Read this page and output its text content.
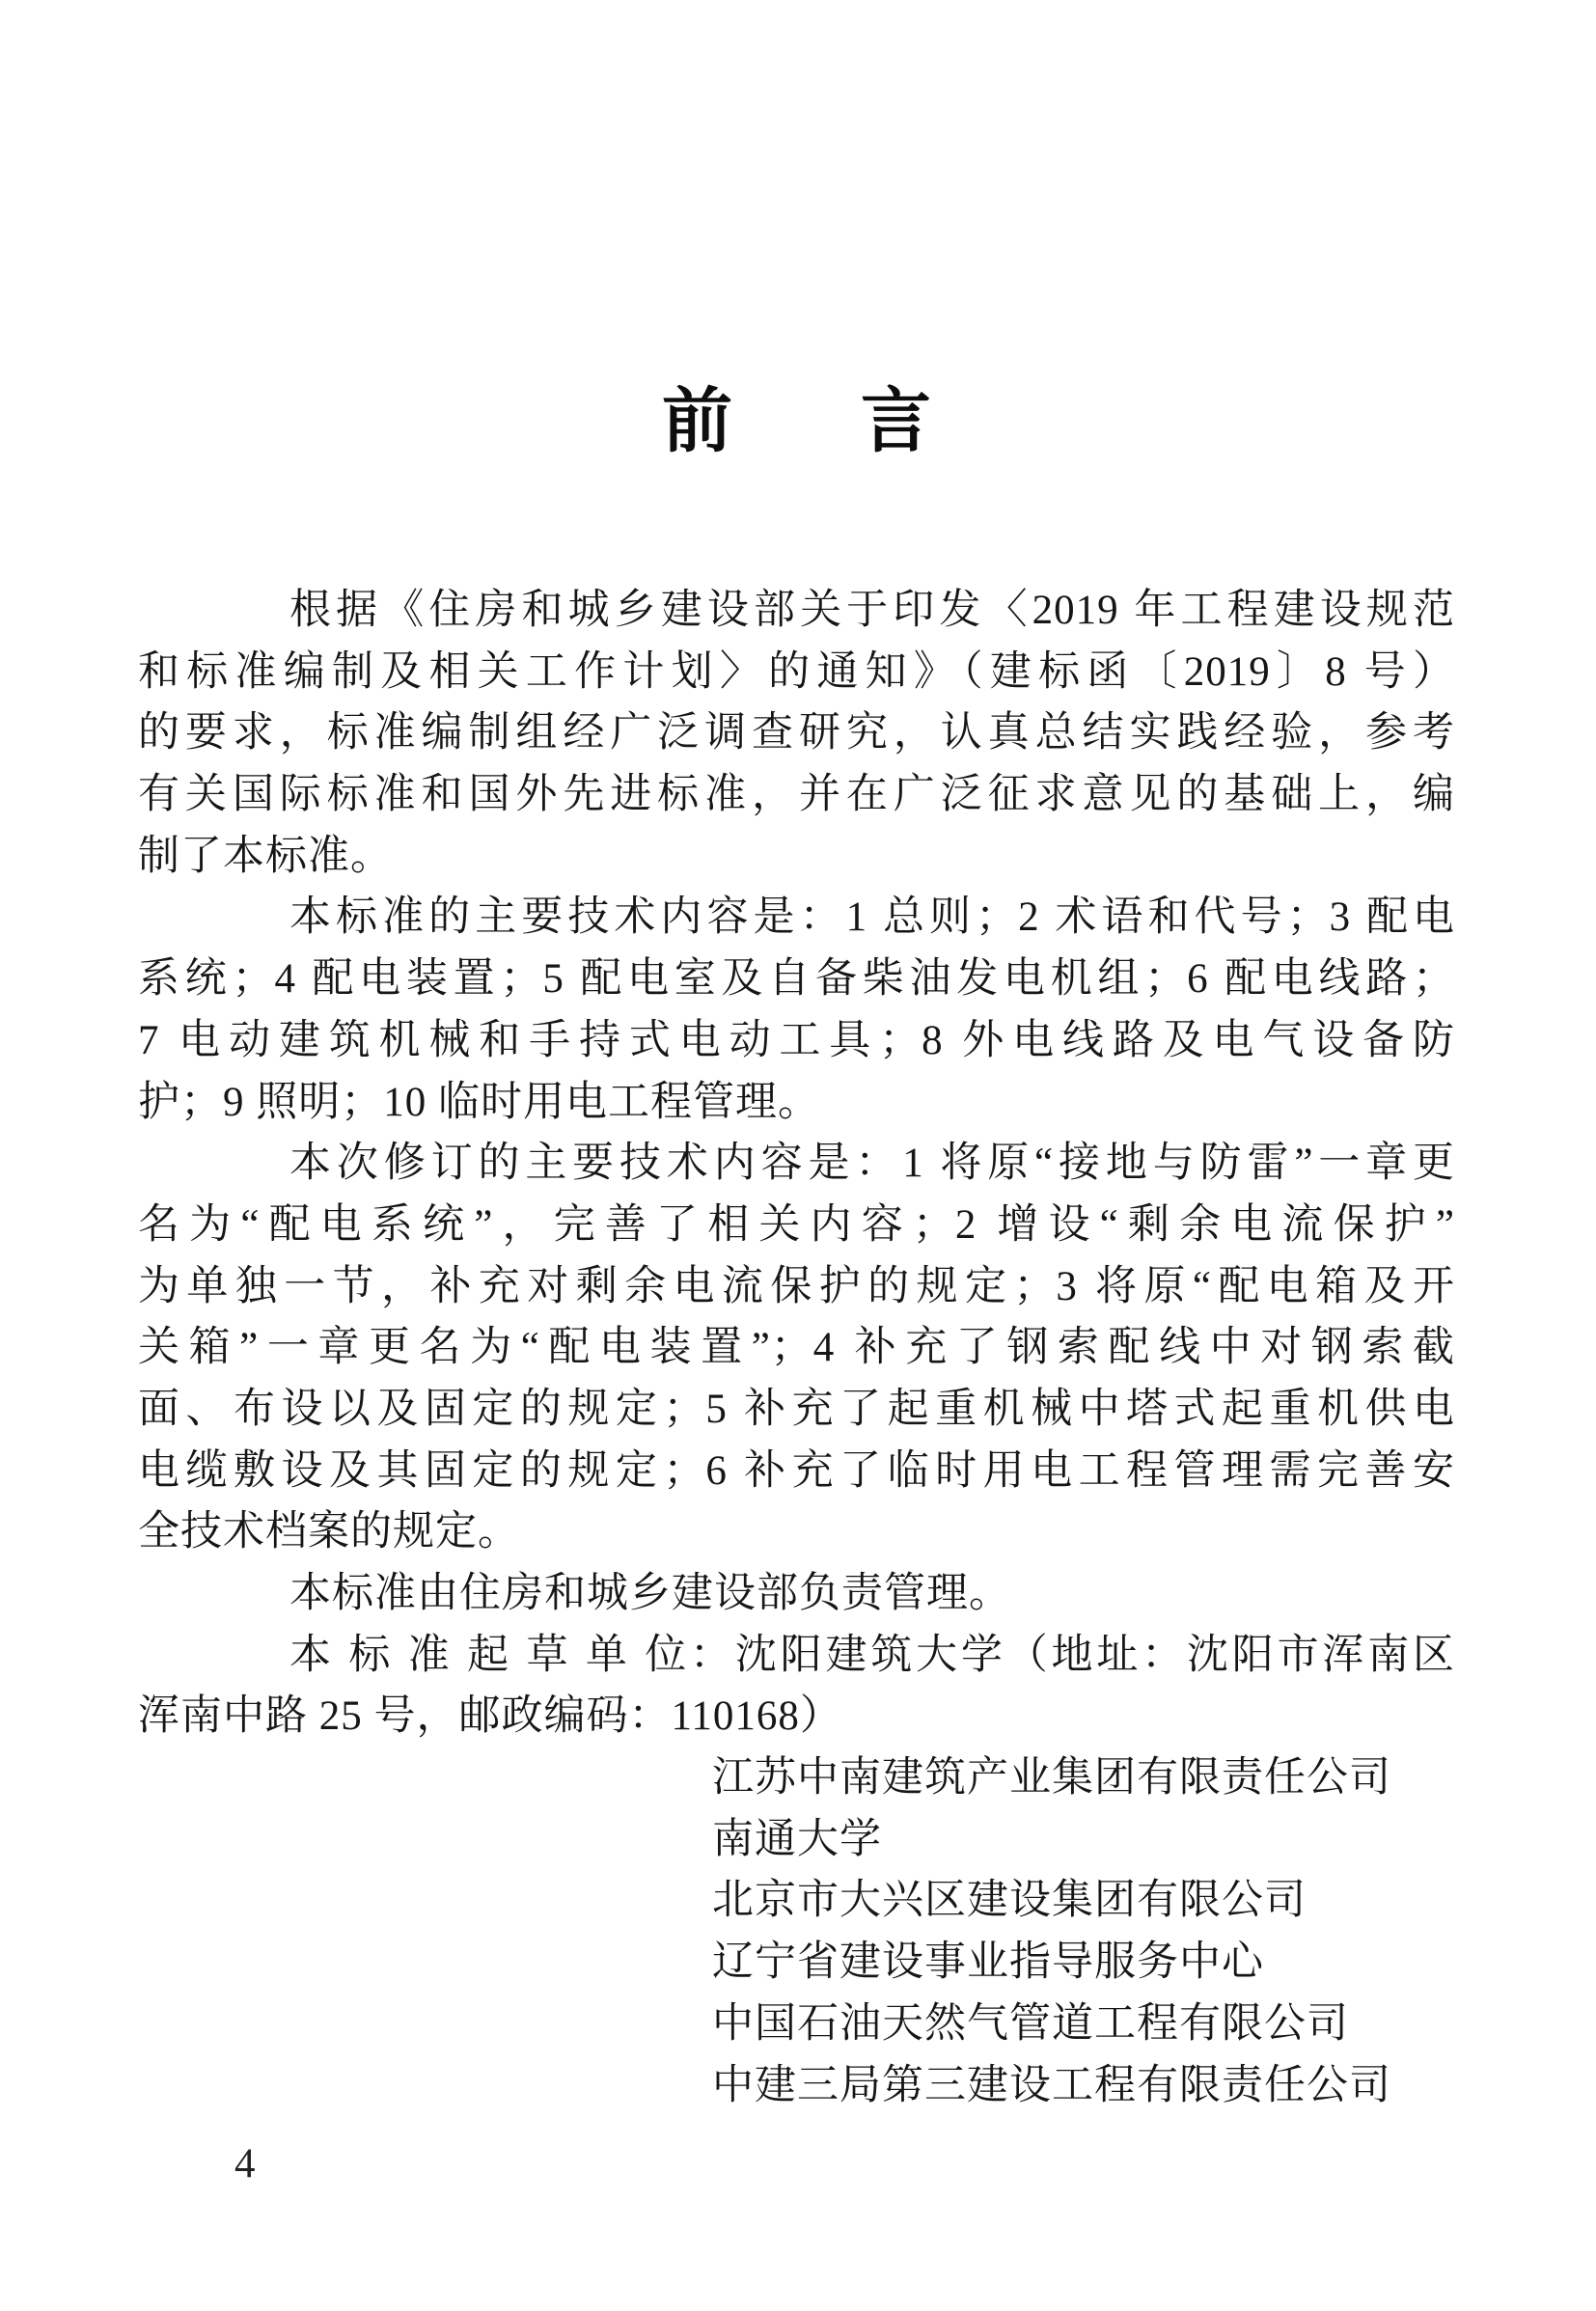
前 言
根据《住房和城乡建设部关于印发〈2019 年工程建设规范
和标准编制及相关工作计划〉的通知》（建标函〔2019〕8 号）
的要求，标准编制组经广泛调查研究，认真总结实践经验，参考
有关国际标准和国外先进标准，并在广泛征求意见的基础上，编
制了本标准。
本标准的主要技术内容是：1 总则；2 术语和代号；3 配电
系统；4 配电装置；5 配电室及自备柴油发电机组；6 配电线路；
7 电动建筑机械和手持式电动工具；8 外电线路及电气设备防
护；9 照明；10 临时用电工程管理。
本次修订的主要技术内容是：1 将原“接地与防雷”一章更
名为“配电系统”，完善了相关内容；2 增设“剩余电流保护”
为单独一节，补充对剩余电流保护的规定；3 将原“配电箱及开
关箱”一章更名为“配电装置”；4 补充了钢索配线中对钢索截
面、布设以及固定的规定；5 补充了起重机械中塔式起重机供电
电缆敷设及其固定的规定；6 补充了临时用电工程管理需完善安
全技术档案的规定。
本标准由住房和城乡建设部负责管理。
本 标 准 起 草 单 位：沈阳建筑大学（地址：沈阳市浑南区
浑南中路 25 号，邮政编码：110168）
江苏中南建筑产业集团有限责任公司
南通大学
北京市大兴区建设集团有限公司
辽宁省建设事业指导服务中心
中国石油天然气管道工程有限公司
中建三局第三建设工程有限责任公司
4
